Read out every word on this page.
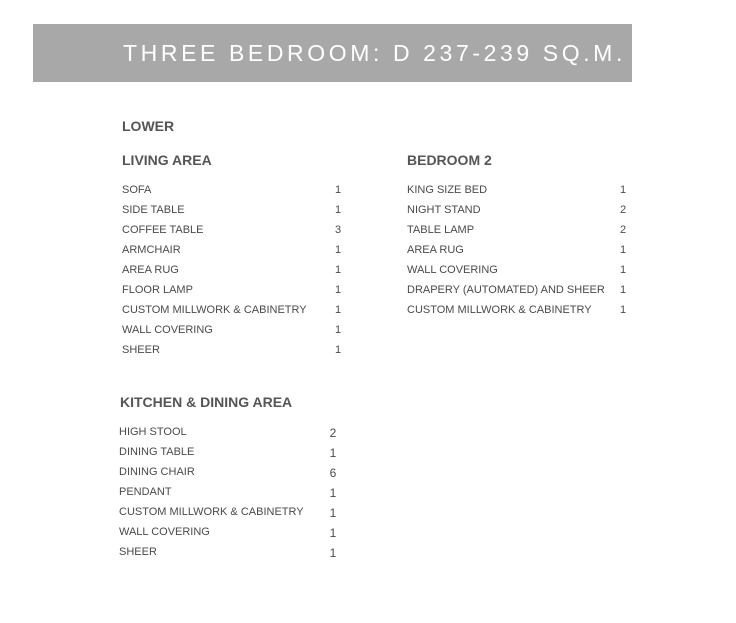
THREE BEDROOM: D 237-239 SQ.M.
LOWER
LIVING AREA
SOFA	1
SIDE TABLE	1
COFFEE TABLE	3
ARMCHAIR	1
AREA RUG	1
FLOOR LAMP	1
CUSTOM MILLWORK & CABINETRY	1
WALL COVERING	1
SHEER	1
BEDROOM 2
KING SIZE BED	1
NIGHT STAND	2
TABLE LAMP	2
AREA RUG	1
WALL COVERING	1
DRAPERY (AUTOMATED) AND SHEER 1
CUSTOM MILLWORK & CABINETRY	1
KITCHEN & DINING AREA
HIGH STOOL	2
DINING TABLE	1
DINING CHAIR	6
PENDANT	1
CUSTOM MILLWORK & CABINETRY 1
WALL COVERING	1
SHEER	1
